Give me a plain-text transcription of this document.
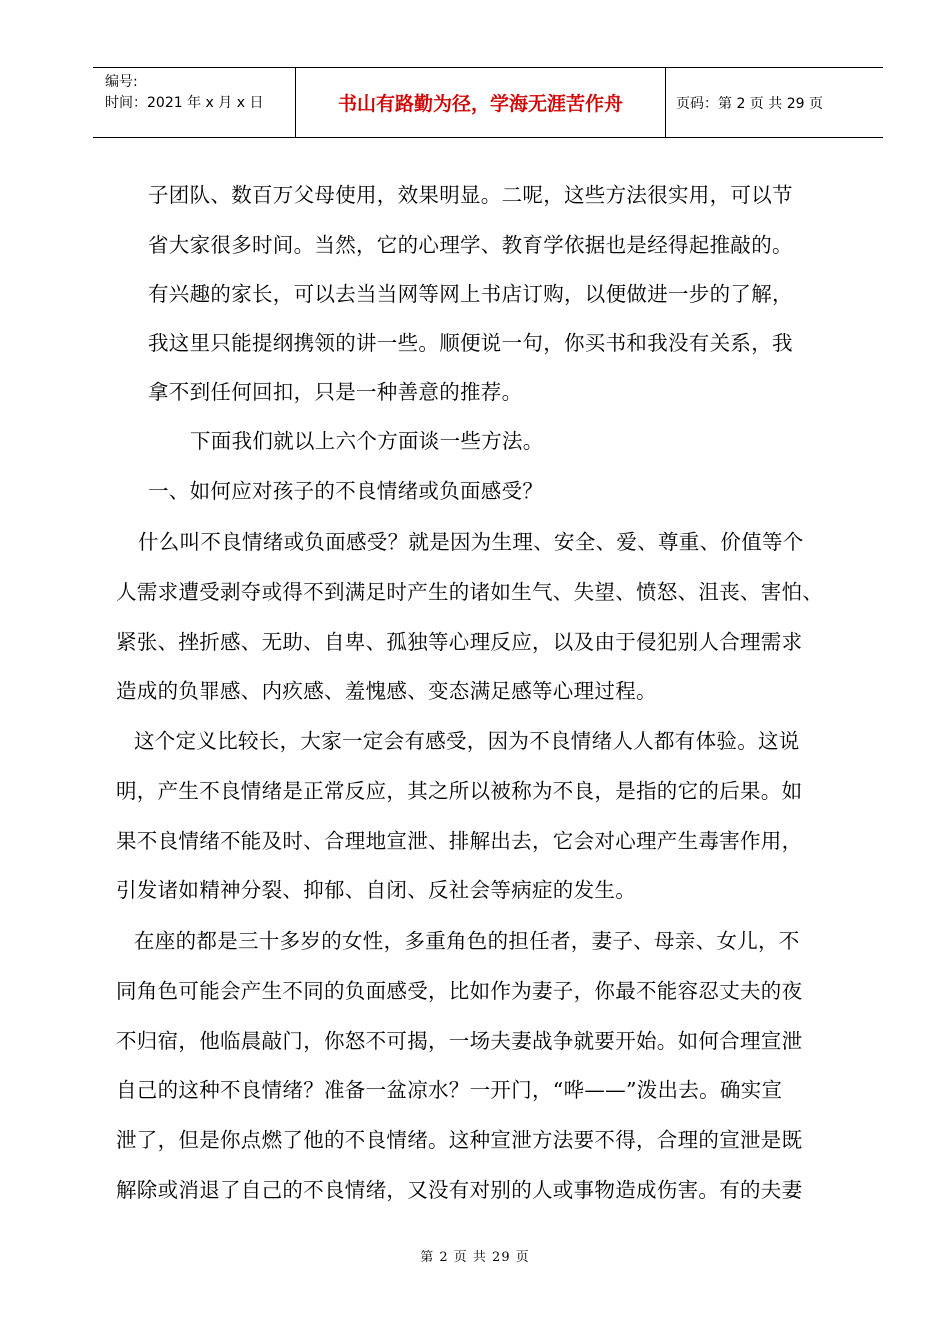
编号:
时间：2021 年 x 月 x 日	书山有路勤为径，学海无涯苦作舟	页码：第 2 页 共 29 页
子团队、数百万父母使用，效果明显。二呢，这些方法很实用，可以节
省大家很多时间。当然，它的心理学、教育学依据也是经得起推敲的。
有兴趣的家长，可以去当当网等网上书店订购，以便做进一步的了解，
我这里只能提纲携领的讲一些。顺便说一句，你买书和我没有关系，我
拿不到任何回扣，只是一种善意的推荐。
下面我们就以上六个方面谈一些方法。
一、如何应对孩子的不良情绪或负面感受？
什么叫不良情绪或负面感受？就是因为生理、安全、爱、尊重、价值等个
人需求遭受剥夺或得不到满足时产生的诸如生气、失望、愤怒、沮丧、害怕、
紧张、挫折感、无助、自卑、孤独等心理反应，以及由于侵犯别人合理需求
造成的负罪感、内疚感、羞愧感、变态满足感等心理过程。
这个定义比较长，大家一定会有感受，因为不良情绪人人都有体验。这说
明，产生不良情绪是正常反应，其之所以被称为不良，是指的它的后果。如
果不良情绪不能及时、合理地宣泄、排解出去，它会对心理产生毒害作用，
引发诸如精神分裂、抑郁、自闭、反社会等病症的发生。
在座的都是三十多岁的女性，多重角色的担任者，妻子、母亲、女儿，不
同角色可能会产生不同的负面感受，比如作为妻子，你最不能容忍丈夫的夜
不归宿，他临晨敲门，你怒不可揭，一场夫妻战争就要开始。如何合理宣泄
自己的这种不良情绪？准备一盆凉水？一开门，“哗——”泼出去。确实宣
泄了，但是你点燃了他的不良情绪。这种宣泄方法要不得，合理的宣泄是既
解除或消退了自己的不良情绪，又没有对别的人或事物造成伤害。有的夫妻
第 2 页 共 29 页
